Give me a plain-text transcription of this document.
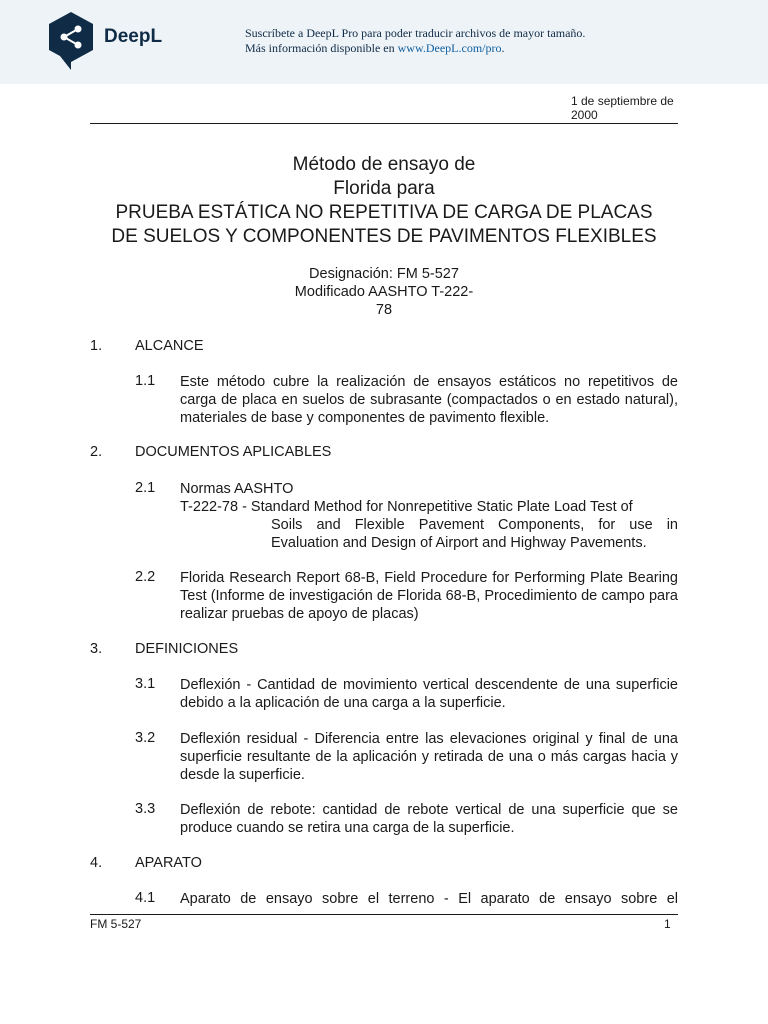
DeepL	Suscríbete a DeepL Pro para poder traducir archivos de mayor tamaño.
Más información disponible en www.DeepL.com/pro.
1 de septiembre de
2000
Método de ensayo de
Florida para
PRUEBA ESTÁTICA NO REPETITIVA DE CARGA DE PLACAS
DE SUELOS Y COMPONENTES DE PAVIMENTOS FLEXIBLES
Designación: FM 5-527
Modificado AASHTO T-222-
78
1. ALCANCE
1.1 Este método cubre la realización de ensayos estáticos no repetitivos de carga de placa en suelos de subrasante (compactados o en estado natural), materiales de base y componentes de pavimento flexible.
2. DOCUMENTOS APLICABLES
2.1 Normas AASHTO
T-222-78 - Standard Method for Nonrepetitive Static Plate Load Test of
Soils and Flexible Pavement Components, for use in Evaluation and Design of Airport and Highway Pavements.
2.2 Florida Research Report 68-B, Field Procedure for Performing Plate Bearing Test (Informe de investigación de Florida 68-B, Procedimiento de campo para realizar pruebas de apoyo de placas)
3. DEFINICIONES
3.1 Deflexión - Cantidad de movimiento vertical descendente de una superficie debido a la aplicación de una carga a la superficie.
3.2 Deflexión residual - Diferencia entre las elevaciones original y final de una superficie resultante de la aplicación y retirada de una o más cargas hacia y desde la superficie.
3.3 Deflexión de rebote: cantidad de rebote vertical de una superficie que se produce cuando se retira una carga de la superficie.
4. APARATO
4.1 Aparato de ensayo sobre el terreno - El aparato de ensayo sobre el
FM 5-527	1
